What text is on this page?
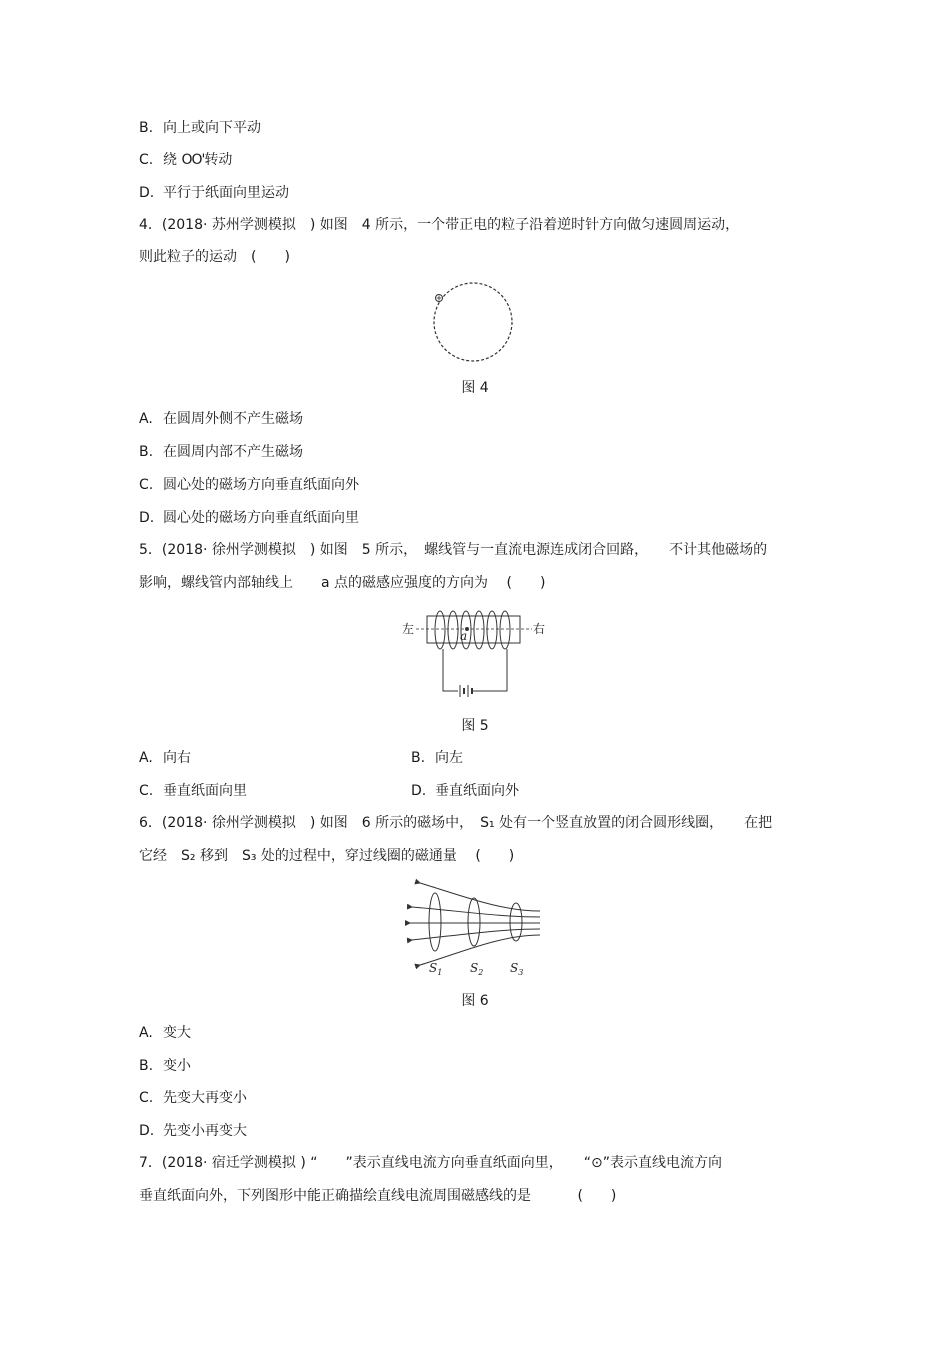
B. 向上或向下平动
C. 绕 OO'转动
D. 平行于纸面向里运动
4．(2018· 苏州学测模拟　) 如图　4 所示，一个带正电的粒子沿着逆时针方向做匀速圆周运动，
则此粒子的运动　(　　)
图 4
A. 在圆周外侧不产生磁场
B. 在圆周内部不产生磁场
C. 圆心处的磁场方向垂直纸面向外
D. 圆心处的磁场方向垂直纸面向里
5．(2018· 徐州学测模拟　) 如图　5 所示，　螺线管与一直流电源连成闭合回路，　　不计其他磁场的
影响，螺线管内部轴线上　　a 点的磁感应强度的方向为　 (　　)
左	右
a
图 5
A. 向右	B. 向左
C. 垂直纸面向里	D. 垂直纸面向外
6．(2018· 徐州学测模拟　) 如图　6 所示的磁场中，　S₁ 处有一个竖直放置的闭合圆形线圈，　　在把
它经　S₂ 移到　S₃ 处的过程中，穿过线圈的磁通量　 (　　)
$S_1$ $S_2$ $S_3$
图 6
A. 变大
B. 变小
C. 先变大再变小
D. 先变小再变大
7．(2018· 宿迁学测模拟 ) “　　”表示直线电流方向垂直纸面向里，　　“⊙”表示直线电流方向
垂直纸面向外，下列图形中能正确描绘直线电流周围磁感线的是　　　 (　　)
